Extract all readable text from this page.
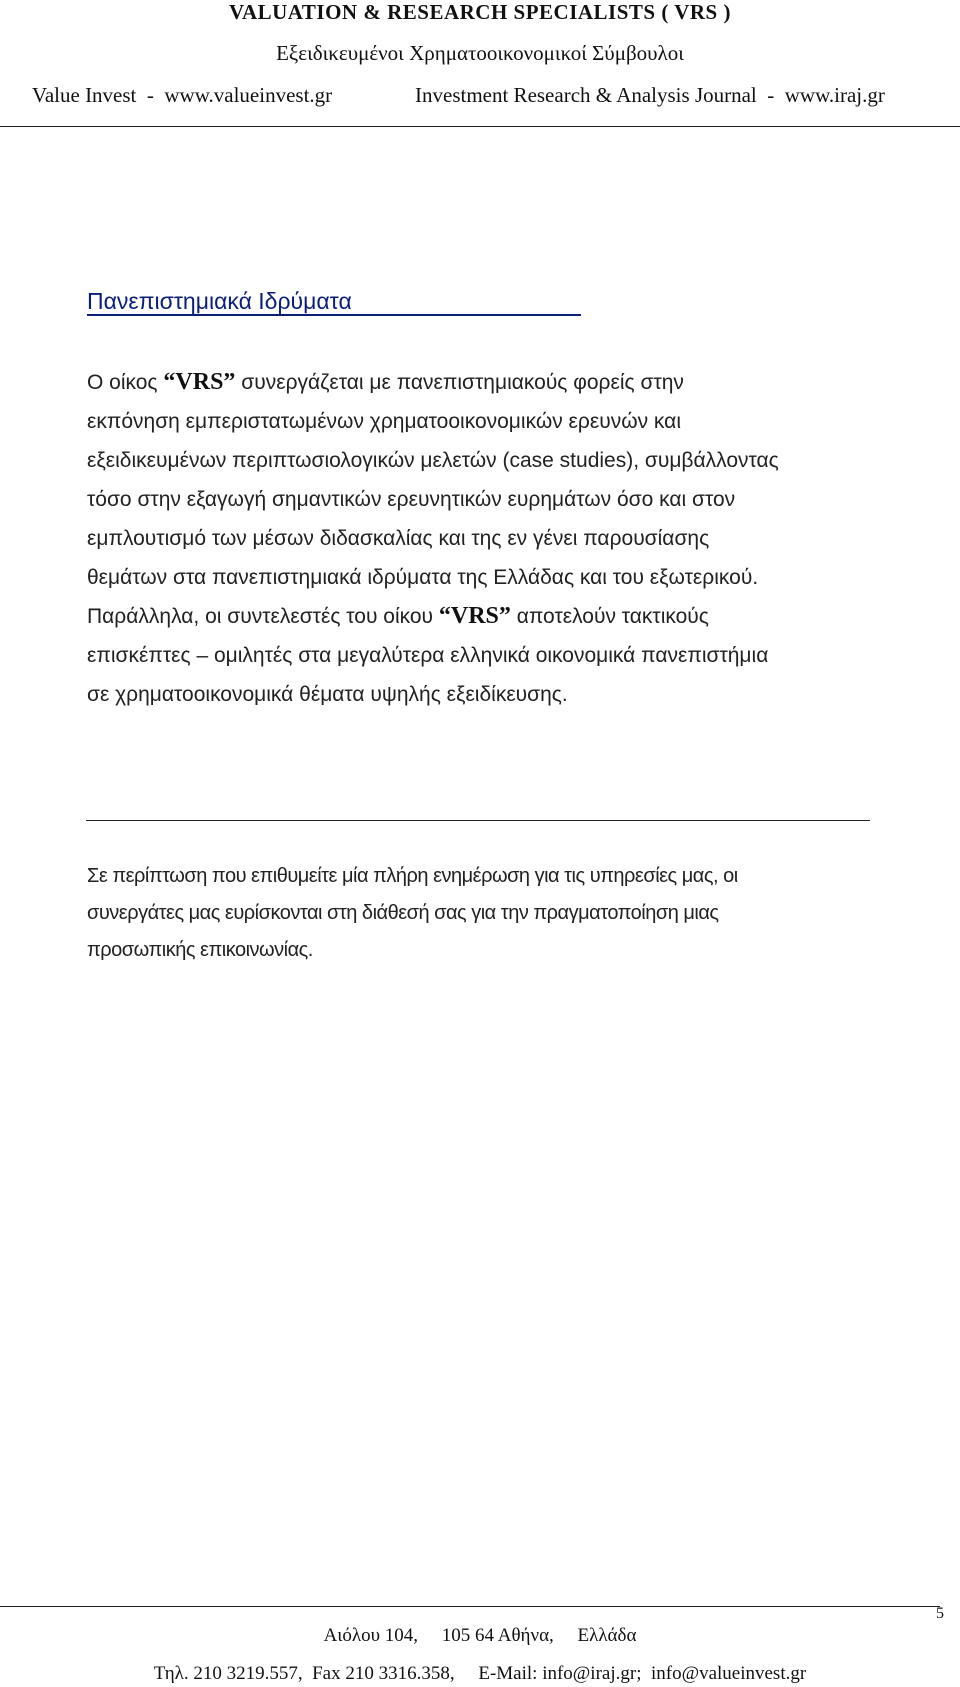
VALUATION & RESEARCH SPECIALISTS ( VRS )
Εξειδικευμένοι Χρηματοοικονομικοί Σύμβουλοι
Value Invest  -  www.valueinvest.gr	Investment Research & Analysis Journal  -  www.iraj.gr
Πανεπιστημιακά Ιδρύματα
Ο οίκος “VRS” συνεργάζεται με πανεπιστημιακούς φορείς στην
εκπόνηση εμπεριστατωμένων χρηματοοικονομικών ερευνών και
εξειδικευμένων περιπτωσιολογικών μελετών (case studies), συμβάλλοντας
τόσο στην εξαγωγή σημαντικών ερευνητικών ευρημάτων όσο και στον
εμπλουτισμό των μέσων διδασκαλίας και της εν γένει παρουσίασης
θεμάτων στα πανεπιστημιακά ιδρύματα της Ελλάδας και του εξωτερικού.
Παράλληλα, οι συντελεστές του οίκου “VRS” αποτελούν τακτικούς
επισκέπτες – ομιλητές στα μεγαλύτερα ελληνικά οικονομικά πανεπιστήμια
σε χρηματοοικονομικά θέματα υψηλής εξειδίκευσης.
Σε περίπτωση που επιθυμείτε μία πλήρη ενημέρωση για τις υπηρεσίες μας, οι
συνεργάτες μας ευρίσκονται στη διάθεσή σας για την πραγματοποίηση μιας
προσωπικής επικοινωνίας.
5
Αιόλου 104,     105 64 Αθήνα,     Ελλάδα
Τηλ. 210 3219.557,  Fax 210 3316.358,     E-Mail: info@iraj.gr;  info@valueinvest.gr
